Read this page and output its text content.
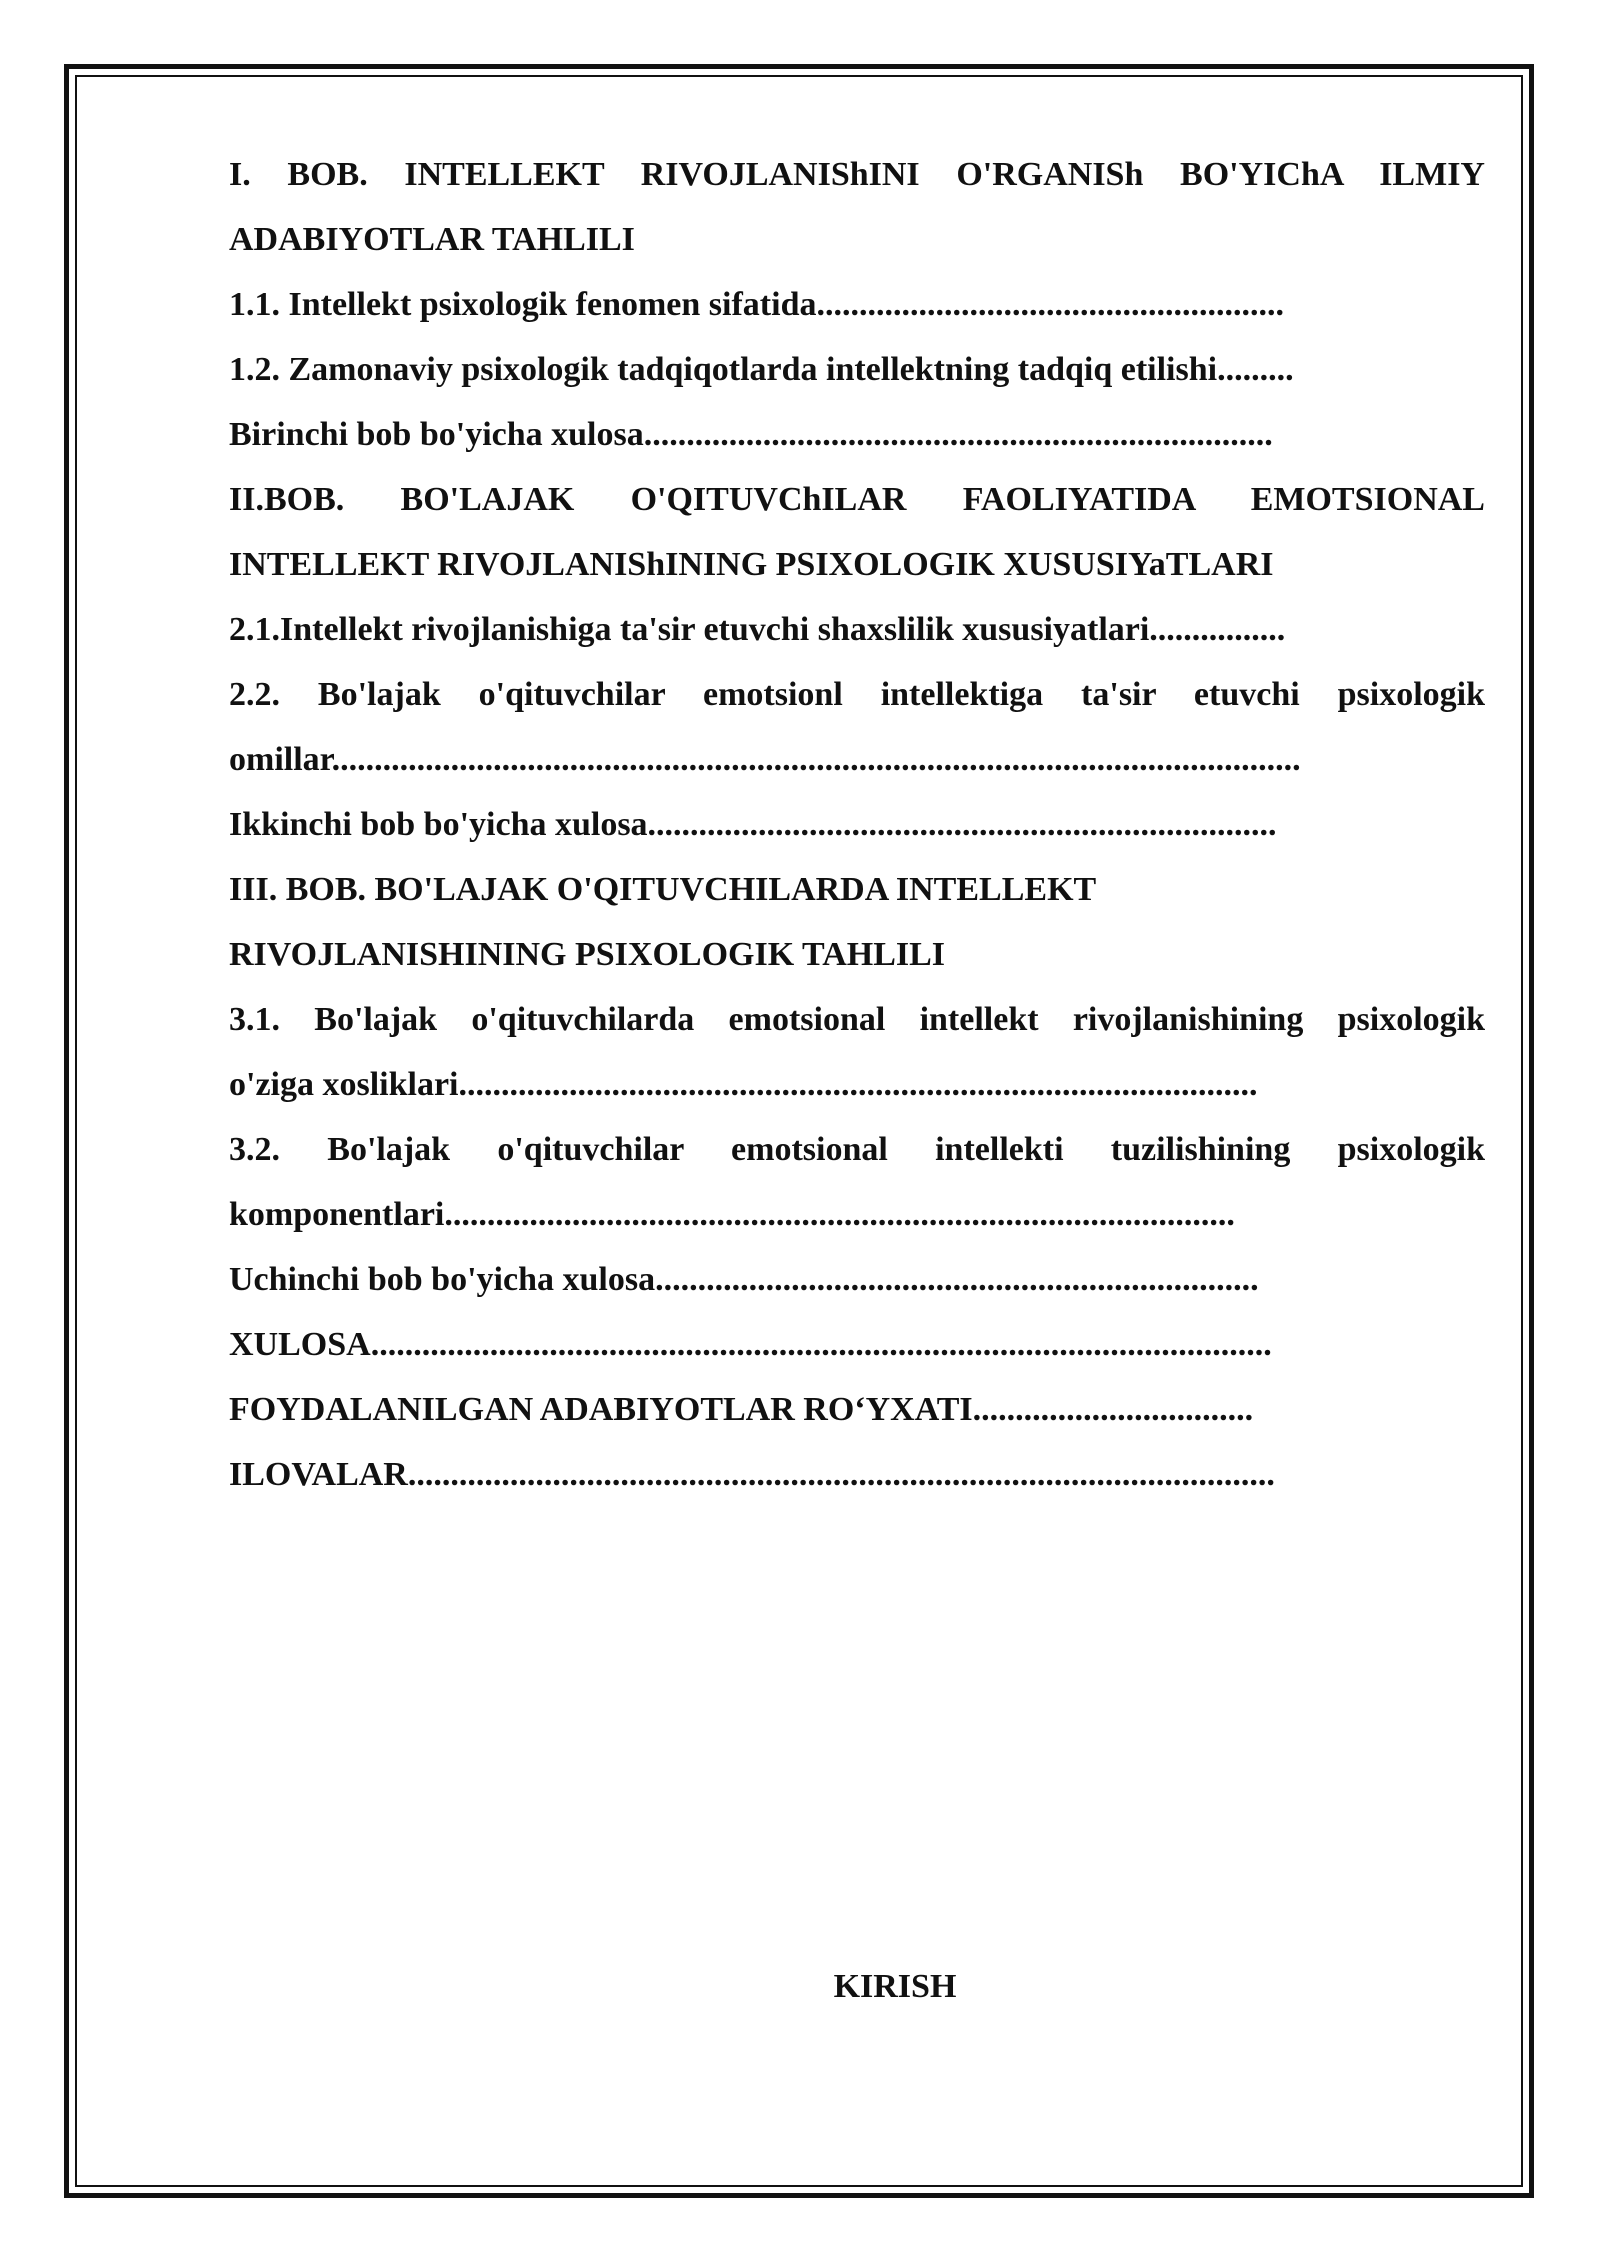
I. BOB. INTELLEKT RIVOJLANIShINI O'RGANISh BO'YIChA ILMIY

ADABIYOTLAR TAHLILI

1.1. Intellekt psixologik fenomen sifatida.......................................................

1.2. Zamonaviy psixologik tadqiqotlarda intellektning tadqiq etilishi.........

Birinchi bob bo'yicha xulosa..........................................................................

II.BOB. BO'LAJAK O'QITUVChILAR FAOLIYATIDA EMOTSIONAL

INTELLEKT RIVOJLANIShINING PSIXOLOGIK XUSUSIYaTLARI

2.1.Intellekt rivojlanishiga ta'sir etuvchi shaxslilik xususiyatlari................

2.2. Bo'lajak o'qituvchilar emotsionl intellektiga ta'sir etuvchi psixologik

omillar..................................................................................................................

Ikkinchi bob bo'yicha xulosa..........................................................................

III. BOB. BO'LAJAK O'QITUVCHILARDA INTELLEKT

RIVOJLANISHINING PSIXOLOGIK TAHLILI

3.1. Bo'lajak o'qituvchilarda emotsional intellekt rivojlanishining psixologik

o'ziga xosliklari..............................................................................................

3.2. Bo'lajak o'qituvchilar emotsional intellekti tuzilishining psixologik

komponentlari.............................................................................................

Uchinchi bob bo'yicha xulosa.......................................................................

XULOSA..........................................................................................................

FOYDALANILGAN ADABIYOTLAR RO‘YXATI.................................

ILOVALAR......................................................................................................

KIRISH
